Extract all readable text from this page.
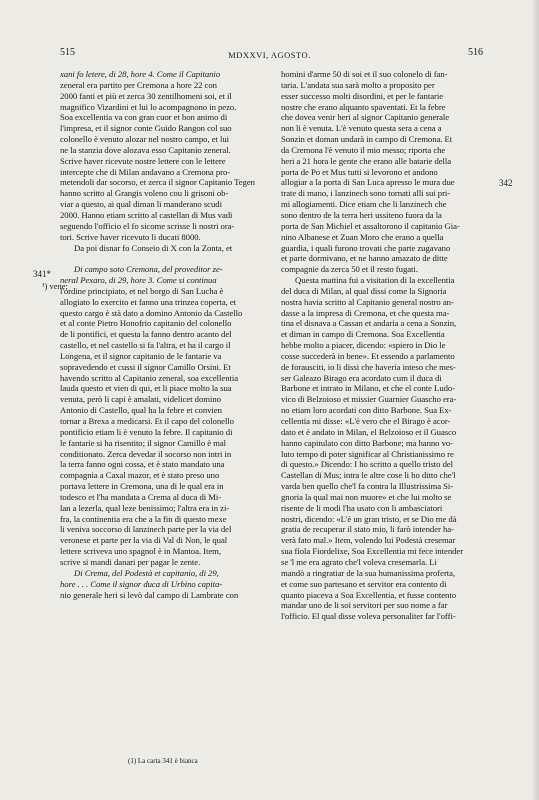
515	MDXXVI, AGOSTO.	516
xani fo letere, di 28, hore 4. Come il Capitanio
zeneral era partito per Cremona a hore 22 con
2000 fanti et più et zerca 30 zentilhomeni soi, et il
magnifico Vizardini et lui lo acompagnono in pezo.
Soa excellentia va con gran cuor et bon animo di
l'impresa, et il signor conte Guido Rangon col suo
colonello è venuto alozar nel nostro campo, et lui
ne la stanzia dove alozava esso Capitanio zeneral.
Scrive haver ricevute nostre lettere con le lettere
intercepte che di Milan andavano a Cremona pro-
metendoli dar socorso, et zerca il signor Capitanio Tegen
hanno scritto al Grangis voleno cou li grisoni ob-
viar a questo, ai qual diman li manderano scudi
2000. Hanno etiam scritto al castellan di Mus vadi
seguendo l'officio el fo sicome scrisse li nostri ora-
tori. Scrive haver ricevuto li ducati 8000.
Da poi disnar fo Conseio di X con la Zonta, et
Di campo soto Cremona, del proveditor ze-
neral Pexaro, di 29, hore 3. Come si continua
l'ordine principiato, et nel borgo di San Lucha è
allogiato lo exercito et fanno una trinzea coperta, et
questo cargo è stà dato a domino Antonio da Castello
et al conte Pietro Honofrio capitanio del colonello
de li pontifici, et questa la fanno dentro acanto del
castello, et nel castello si fa l'altra, et ha il cargo il
Longena, et il signor capitanio de le fantarie va
sopravedendo et cussi il signor Camillo Orsini. Et
havendo scritto al Capitanio zeneral, soa excellentia
lauda questo et vien di qui, et li piace molto la sua
venuta, però li capi è amalati, videlicet domino
Antonio di Castello, qual ha la febre et convien
tornar a Brexa a medicarsi. Et il capo del colonello
pontificio etiam li è venuto la febre. Il capitanio di
le fantarie si ha risentito; il signor Camillo è mal
conditionato. Zerca devedar il socorso non intri in
la terra fanno ogni cossa, et è stato mandato una
compagnia a Caxal mazor, et è stato preso uno
portava lettere in Cremona, una di le qual era in
todesco et l'ha mandata a Crema al duca di Mi-
lan a lezerla, qual leze benissimo; l'altra era in zi-
fra, la continentia era che a la fin di questo mexe
li veniva soccorso di lanzinech parte per la via del
veronese et parte per la via di Val di Non, le qual
lettere scriveva uno spagnol è in Mantoa. Item,
scrive si mandi danari per pagar le zente.
Di Crema, del Podestà et capitanio, di 29,
hore . . . Come il signor duca di Urbino capita-
nio generale heri si levò dal campo di Lambrate con
homini d'arme 50 di soi et il suo colonelo di fan-
taria. L'andata sua sarà molto a proposito per
esser successo molti disordini, et per le fantarie
nostre che erano alquanto spaventati. Et la febre
che dovea venir heri al signor Capitanio generale
non li è venuta. L'è venuto questa sera a cena a
Sonzin et doman undarà in campo di Cremona. Et
da Cremona l'è venuto il mio messo; riporta che
heri a 21 hora le gente che erano alle batarie della
porta de Po et Mus tutti si levorono et andono
allogiar a la porta di San Luca apresso le mura due
trate di mano, i lanzinech sono tornati alli sui pri-
mi allogiamenti. Dice etiam che li lanzinech che
sono dentro de la terra heri ussiteno fuora da la
porta de San Michiel et assaltorono il capitanio Gia-
nino Albanese et Zuan Moro che erano a quella
guardia, i quali furono trovati che parte zugavano
et parte dormivano, et ne hanno amazato de ditte
compagnie da zerca 50 et il resto fugati.
Questa mattina fui a visitation di la excellentia
del duca di Milan, al qual dissi come la Signoria
nostra havia scritto al Capitanio general nostro an-
dasse a la impresa di Cremona, et che questa ma-
tina el disnava a Cassan et andaria a cena a Sonzin,
et diman in campo di Cremona. Soa Excellentia
hebbe molto a piacer, dicendo: «spiero in Dio le
cosse succederà in bene». Et essendo a parlamento
de forausciti, io li dissi che haveria inteso che mes-
ser Galeazo Birago era acordato cum il duca di
Barbone et intrato in Milano, et che el conte Ludo-
vico di Belzoioso et missier Guarnier Guascho era-
no etiam loro acordati con ditto Barbone. Sua Ex-
cellentia mi disse: «L'è vero che el Birago è acor-
dato et è andato in Milan, el Belzoioso et il Guasco
hanno capitulato con ditto Barbone; ma hanno vo-
luto tempo di poter significar al Christianissimo re
di questo.» Dicendo: I ho scritto a quello tristo del
Castellan di Mus; intra le altre cose li ho ditto che'l
varda ben quello che'l fa contra la Illustrissima Si-
gnoria la qual mai non muore» et che lui molto se
risente de li modi l'ha usato con li ambasciatori
nostri, dicendo: «L'è un gran tristo, et se Dio me dà
gratia de recuperar il stato mio, li farò intender ha-
verà fato mal.» Item, volendo lui Podestà cresemar
sua fiola Fiordelixe, Soa Excellentia mi fece intender
se 'l me era agrato che'l voleva cresemarla. Li
mandò a ringratiar de la sua humanissima proferta,
et come suo partesano et servitor era contento di
quanto piaceva a Soa Excellentia, et fusse contento
mandar uno de li soi servitori per suo nome a far
l'officio. El qual disse voleva personaliter far l'offi-
342
341*
¹) vene;
(1) La carta 341 è bianca
